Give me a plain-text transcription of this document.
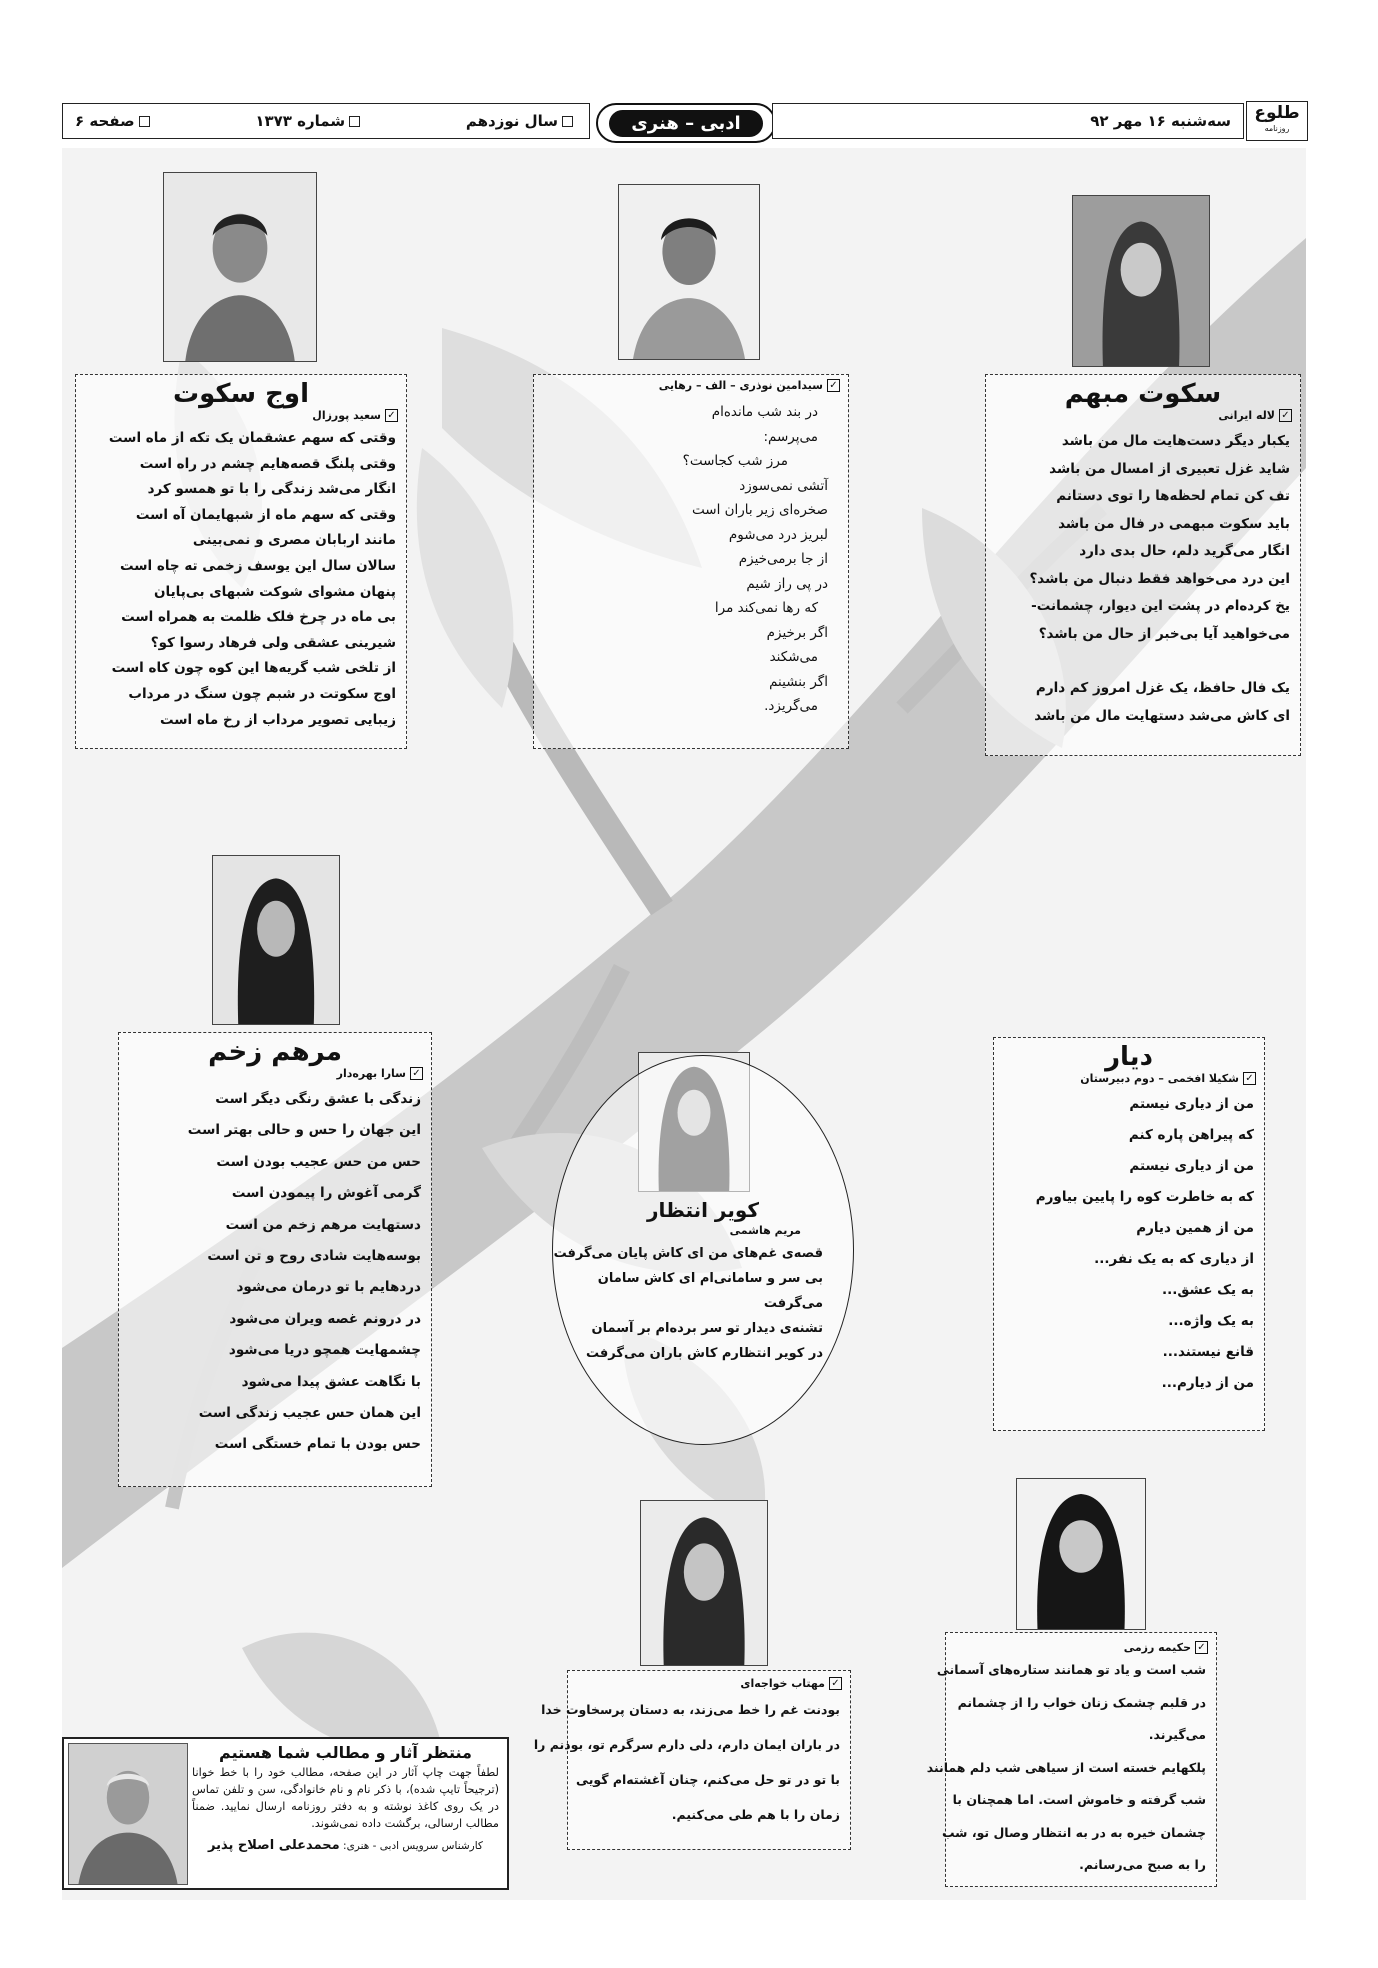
سال نوزدهم
شماره ۱۳۷۳
صفحه ۶	ادبی – هنری	سه‌شنبه ۱۶ مهر ۹۲	طلوع
روزنامه
سکوت مبهم
✓
لاله ایرانی
یکبار دیگر دست‌هایت مال من باشد
شاید غزل تعبیری از امسال من باشد
تف کن تمام لحظه‌ها را توی دستانم
باید سکوت مبهمی در فال من باشد
انگار می‌گرید دلم، حال بدی دارد
این درد می‌خواهد فقط دنبال من باشد؟
یخ کرده‌ام در پشت این دیوار، چشمانت-
می‌خواهید آیا بی‌خبر از حال من باشد؟
یک فال حافظ، یک غزل امروز کم دارم
ای کاش می‌شد دستهایت مال من باشد
✓
سیدامین نوذری – الف – رهایی
در بند شب مانده‌ام
می‌پرسم:
مرز شب کجاست؟
آتشی نمی‌سوزد
صخره‌ای زیر باران است
لبریز درد می‌شوم
از جا برمی‌خیزم
در پی راز شیم
که رها نمی‌کند مرا
اگر برخیزم
می‌شکند
اگر بنشینم
می‌گریزد.
اوج سکوت
✓
سعید پورزال
وقتی که سهم عشقمان یک تکه از ماه است
وقتی پلنگ قصه‌هایم چشم در راه است
انگار می‌شد زندگی را با تو همسو کرد
وقتی که سهم ماه از شبهایمان آه است
مانند اربابان مصری و نمی‌بینی
سالان سال این یوسف زخمی ته چاه است
پنهان مشوای شوکت شبهای بی‌پایان
بی ماه در چرخ فلک ظلمت به همراه است
شیرینی عشقی ولی فرهاد رسوا کو؟
از تلخی شب گریه‌ها این کوه چون کاه است
اوج سکوتت در شبم چون سنگ در مرداب
زیبایی تصویر مرداب از رخ ماه است
مرهم زخم
✓
سارا بهره‌دار
زندگی با عشق رنگی دیگر است
این جهان را حس و حالی بهتر است
حس من حس عجیب بودن است
گرمی آغوش را پیمودن است
دستهایت مرهم زخم من است
بوسه‌هایت شادی روح و تن است
دردهایم با تو درمان می‌شود
در درونم غصه ویران می‌شود
چشمهایت همچو دریا می‌شود
با نگاهت عشق پیدا می‌شود
این همان حس عجیب زندگی است
حس بودن با تمام خستگی است
کویر انتظار
مریم هاشمی
قصه‌ی غم‌های من ای کاش پایان می‌گرفت
بی سر و سامانی‌ام ای کاش سامان می‌گرفت
تشنه‌ی دیدار تو سر برده‌ام بر آسمان
در کویر انتظارم کاش باران می‌گرفت
دیار
✓
شکیلا افخمی – دوم دبیرستان
من از دیاری نیستم
که پیراهن پاره کنم
من از دیاری نیستم
که به خاطرت کوه را پایین بیاورم
من از همین دیارم
از دیاری که به یک نفر...
به یک عشق...
به یک واژه...
قانع نیستند...
من از دیارم...
✓
مهتاب خواجه‌ای
بودنت غم را خط می‌زند، به دستان پرسخاوت خدا
در باران ایمان دارم، دلی دارم سرگرم تو، بودنم را
با تو در تو حل می‌کنم، چنان آغشته‌ام گویی
زمان را با هم طی می‌کنیم.
✓
حکیمه رزمی
شب است و یاد تو همانند ستاره‌های آسمانی
در قلبم چشمک زنان خواب را از چشمانم
می‌گیرند.
پلکهایم خسته است از سیاهی شب دلم همانند
شب گرفته و خاموش است. اما همچنان با
چشمان خیره به در به انتظار وصال تو، شب
را به صبح می‌رسانم.
منتظر آثار و مطالب شما هستیم
لطفاً جهت چاپ آثار در این صفحه، مطالب خود را با خط خوانا (ترجیحاً تایپ شده)، با ذکر نام و نام خانوادگی، سن و تلفن تماس در یک روی کاغذ نوشته و به دفتر روزنامه ارسال نمایید. ضمناً مطالب ارسالی، برگشت داده نمی‌شوند.
کارشناس سرویس ادبی - هنری: محمدعلی اصلاح پذیر
